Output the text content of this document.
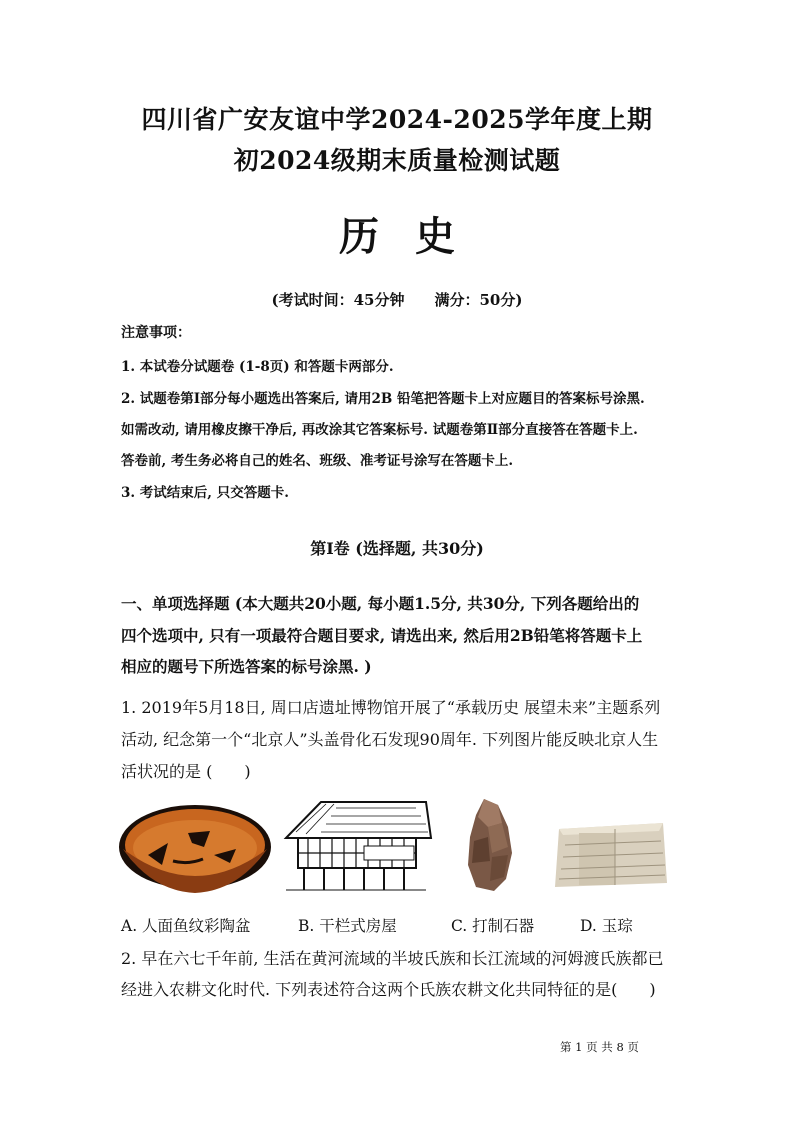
四川省广安友谊中学2024-2025学年度上期
初2024级期末质量检测试题
历史
(考试时间：45分钟 满分：50分)
注意事项：
1. 本试卷分试题卷 (1-8页) 和答题卡两部分.
2. 试题卷第Ⅰ部分每小题选出答案后, 请用2B 铅笔把答题卡上对应题目的答案标号涂黑.
如需改动, 请用橡皮擦干净后, 再改涂其它答案标号. 试题卷第Ⅱ部分直接答在答题卡上.
答卷前, 考生务必将自己的姓名、班级、准考证号涂写在答题卡上.
3. 考试结束后, 只交答题卡.
第Ⅰ卷 (选择题, 共30分)
一、单项选择题 (本大题共20小题, 每小题1.5分, 共30分, 下列各题给出的
四个选项中, 只有一项最符合题目要求, 请选出来, 然后用2B铅笔将答题卡上
相应的题号下所选答案的标号涂黑. )
1. 2019年5月18日, 周口店遗址博物馆开展了“承载历史 展望未来”主题系列
活动, 纪念第一个“北京人”头盖骨化石发现90周年. 下列图片能反映北京人生
活状况的是 (　　)
A. 人面鱼纹彩陶盆	B. 干栏式房屋	C. 打制石器	D. 玉琮
2. 早在六七千年前, 生活在黄河流域的半坡氏族和长江流域的河姆渡氏族都已
经进入农耕文化时代. 下列表述符合这两个氏族农耕文化共同特征的是(　　)
第 1 页 共 8 页
